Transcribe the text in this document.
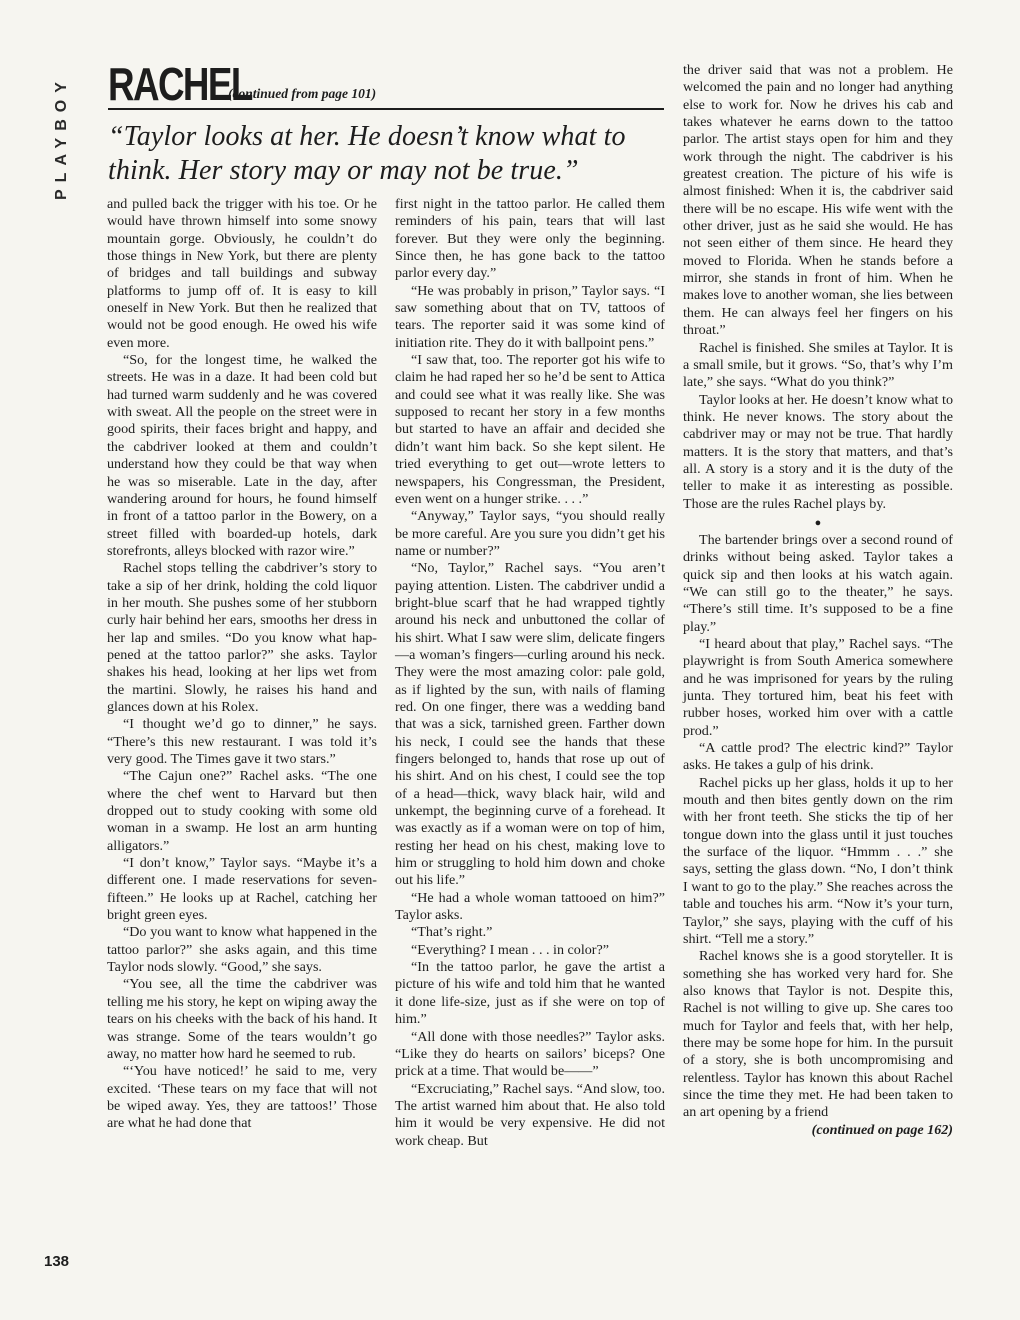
PLAYBOY
138
RACHEL
(continued from page 101)
“Taylor looks at her. He doesn’t know what to think. Her story may or may not be true.”

and pulled back the trigger with his toe. Or he would have thrown himself into some snowy mountain gorge. Obviously, he couldn’t do those things in New York, but there are plenty of bridges and tall buildings and subway platforms to jump off of. It is easy to kill oneself in New York. But then he realized that would not be good enough. He owed his wife even more.

“So, for the longest time, he walked the streets. He was in a daze. It had been cold but had turned warm suddenly and he was covered with sweat. All the people on the street were in good spirits, their faces bright and happy, and the cabdriver looked at them and couldn’t understand how they could be that way when he was so miserable. Late in the day, after wandering around for hours, he found himself in front of a tattoo parlor in the Bowery, on a street filled with boarded-up hotels, dark storefronts, alleys blocked with razor wire.”

Rachel stops telling the cabdriver’s story to take a sip of her drink, holding the cold liquor in her mouth. She pushes some of her stubborn curly hair behind her ears, smooths her dress in her lap and smiles. “Do you know what happened at the tattoo parlor?” she asks. Taylor shakes his head, looking at her lips wet from the martini. Slowly, he raises his hand and glances down at his Rolex.

“I thought we’d go to dinner,” he says. “There’s this new restaurant. I was told it’s very good. The Times gave it two stars.”

“The Cajun one?” Rachel asks. “The one where the chef went to Harvard but then dropped out to study cooking with some old woman in a swamp. He lost an arm hunting alligators.”

“I don’t know,” Taylor says. “Maybe it’s a different one. I made reservations for seven-fifteen.” He looks up at Rachel, catching her bright green eyes.

“Do you want to know what happened in the tattoo parlor?” she asks again, and this time Taylor nods slowly. “Good,” she says.

“You see, all the time the cabdriver was telling me his story, he kept on wiping away the tears on his cheeks with the back of his hand. It was strange. Some of the tears wouldn’t go away, no matter how hard he seemed to rub.

“‘You have noticed!’ he said to me, very excited. ‘These tears on my face that will not be wiped away. Yes, they are tattoos!’ Those are what he had done that

first night in the tattoo parlor. He called them reminders of his pain, tears that will last forever. But they were only the beginning. Since then, he has gone back to the tattoo parlor every day.”

“He was probably in prison,” Taylor says. “I saw something about that on TV, tattoos of tears. The reporter said it was some kind of initiation rite. They do it with ballpoint pens.”

“I saw that, too. The reporter got his wife to claim he had raped her so he’d be sent to Attica and could see what it was really like. She was supposed to recant her story in a few months but started to have an affair and decided she didn’t want him back. So she kept silent. He tried everything to get out—wrote letters to newspapers, his Congressman, the President, even went on a hunger strike. . . .”

“Anyway,” Taylor says, “you should really be more careful. Are you sure you didn’t get his name or number?”

“No, Taylor,” Rachel says. “You aren’t paying attention. Listen. The cabdriver undid a bright-blue scarf that he had wrapped tightly around his neck and unbuttoned the collar of his shirt. What I saw were slim, delicate fingers—a woman’s fingers—curling around his neck. They were the most amazing color: pale gold, as if lighted by the sun, with nails of flaming red. On one finger, there was a wedding band that was a sick, tarnished green. Farther down his neck, I could see the hands that these fingers belonged to, hands that rose up out of his shirt. And on his chest, I could see the top of a head—thick, wavy black hair, wild and unkempt, the beginning curve of a forehead. It was exactly as if a woman were on top of him, resting her head on his chest, making love to him or struggling to hold him down and choke out his life.”

“He had a whole woman tattooed on him?” Taylor asks.

“That’s right.”

“Everything? I mean . . . in color?”

“In the tattoo parlor, he gave the artist a picture of his wife and told him that he wanted it done life-size, just as if she were on top of him.”

“All done with those needles?” Taylor asks. “Like they do hearts on sailors’ biceps? One prick at a time. That would be——”

“Excruciating,” Rachel says. “And slow, too. The artist warned him about that. He also told him it would be very expensive. He did not work cheap. But

the driver said that was not a problem. He welcomed the pain and no longer had anything else to work for. Now he drives his cab and takes whatever he earns down to the tattoo parlor. The artist stays open for him and they work through the night. The cabdriver is his greatest creation. The picture of his wife is almost finished: When it is, the cabdriver said there will be no escape. His wife went with the other driver, just as he said she would. He has not seen either of them since. He heard they moved to Florida. When he stands before a mirror, she stands in front of him. When he makes love to another woman, she lies between them. He can always feel her fingers on his throat.”

Rachel is finished. She smiles at Taylor. It is a small smile, but it grows. “So, that’s why I’m late,” she says. “What do you think?”

Taylor looks at her. He doesn’t know what to think. He never knows. The story about the cabdriver may or may not be true. That hardly matters. It is the story that matters, and that’s all. A story is a story and it is the duty of the teller to make it as interesting as possible. Those are the rules Rachel plays by.

●

The bartender brings over a second round of drinks without being asked. Taylor takes a quick sip and then looks at his watch again. “We can still go to the theater,” he says. “There’s still time. It’s supposed to be a fine play.”

“I heard about that play,” Rachel says. “The playwright is from South America somewhere and he was imprisoned for years by the ruling junta. They tortured him, beat his feet with rubber hoses, worked him over with a cattle prod.”

“A cattle prod? The electric kind?” Taylor asks. He takes a gulp of his drink.

Rachel picks up her glass, holds it up to her mouth and then bites gently down on the rim with her front teeth. She sticks the tip of her tongue down into the glass until it just touches the surface of the liquor. “Hmmm . . .” she says, setting the glass down. “No, I don’t think I want to go to the play.” She reaches across the table and touches his arm. “Now it’s your turn, Taylor,” she says, playing with the cuff of his shirt. “Tell me a story.”

Rachel knows she is a good storyteller. It is something she has worked very hard for. She also knows that Taylor is not. Despite this, Rachel is not willing to give up. She cares too much for Taylor and feels that, with her help, there may be some hope for him. In the pursuit of a story, she is both uncompromising and relentless. Taylor has known this about Rachel since the time they met. He had been taken to an art opening by a friend

(continued on page 162)
